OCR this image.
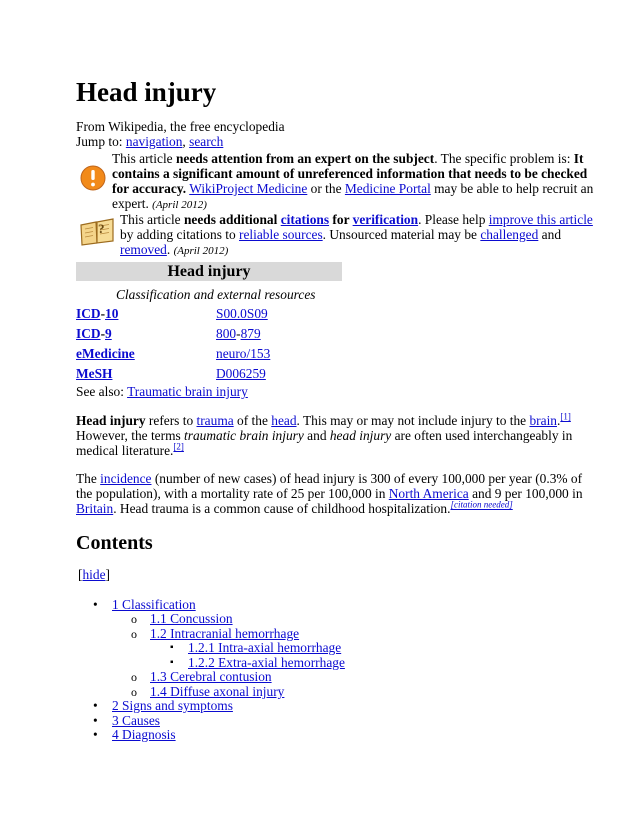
Head injury
From Wikipedia, the free encyclopedia
Jump to: navigation, search
This article needs attention from an expert on the subject. The specific problem is: It
contains a significant amount of unreferenced information that needs to be checked
for accuracy. WikiProject Medicine or the Medicine Portal may be able to help recruit an
expert. (April 2012)
?
This article needs additional citations for verification. Please help improve this article
by adding citations to reliable sources. Unsourced material may be challenged and
removed. (April 2012)
Head injury
Classification and external resources
ICD-10	S00.0S09
ICD-9	800-879
eMedicine	neuro/153
MeSH	D006259
See also: Traumatic brain injury
Head injury refers to trauma of the head. This may or may not include injury to the brain.[1]
However, the terms traumatic brain injury and head injury are often used interchangeably in
medical literature.[2]
The incidence (number of new cases) of head injury is 300 of every 100,000 per year (0.3% of
the population), with a mortality rate of 25 per 100,000 in North America and 9 per 100,000 in
Britain. Head trauma is a common cause of childhood hospitalization.[citation needed]
Contents
[hide]
• 1 Classification
o 1.1 Concussion
o 1.2 Intracranial hemorrhage
▪ 1.2.1 Intra-axial hemorrhage
▪ 1.2.2 Extra-axial hemorrhage
o 1.3 Cerebral contusion
o 1.4 Diffuse axonal injury
• 2 Signs and symptoms
• 3 Causes
• 4 Diagnosis
